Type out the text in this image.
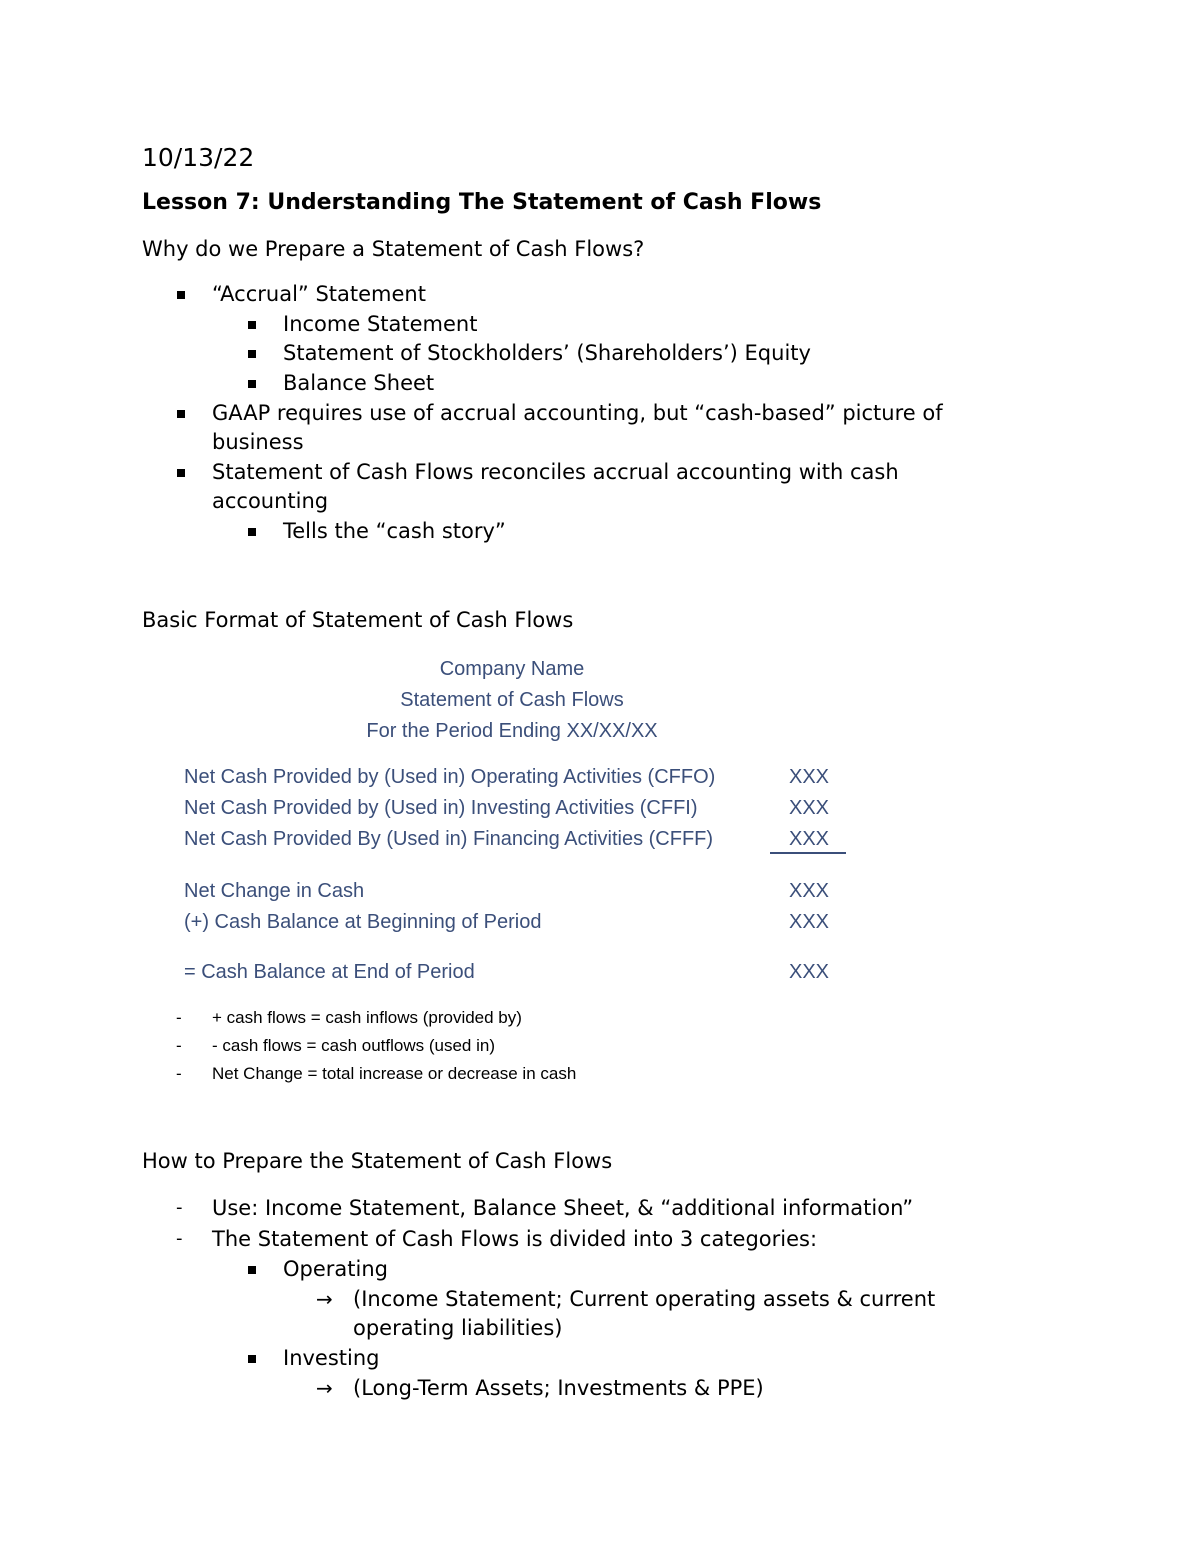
10/13/22
Lesson 7: Understanding The Statement of Cash Flows
Why do we Prepare a Statement of Cash Flows?
“Accrual” Statement
Income Statement
Statement of Stockholders’ (Shareholders’) Equity
Balance Sheet
GAAP requires use of accrual accounting, but “cash-based” picture of
business
Statement of Cash Flows reconciles accrual accounting with cash
accounting
Tells the “cash story”
Basic Format of Statement of Cash Flows
Company Name
Statement of Cash Flows
For the Period Ending XX/XX/XX
Net Cash Provided by (Used in) Operating Activities (CFFO)	XXX
Net Cash Provided by (Used in) Investing Activities (CFFI)	XXX
Net Cash Provided By (Used in) Financing Activities (CFFF)	XXX
Net Change in Cash	XXX
(+) Cash Balance at Beginning of Period	XXX
= Cash Balance at End of Period	XXX
- + cash flows = cash inflows (provided by)
- - cash flows = cash outflows (used in)
- Net Change = total increase or decrease in cash
How to Prepare the Statement of Cash Flows
- Use: Income Statement, Balance Sheet, & “additional information”
- The Statement of Cash Flows is divided into 3 categories:
Operating
→ (Income Statement; Current operating assets & current
operating liabilities)
Investing
→ (Long-Term Assets; Investments & PPE)
